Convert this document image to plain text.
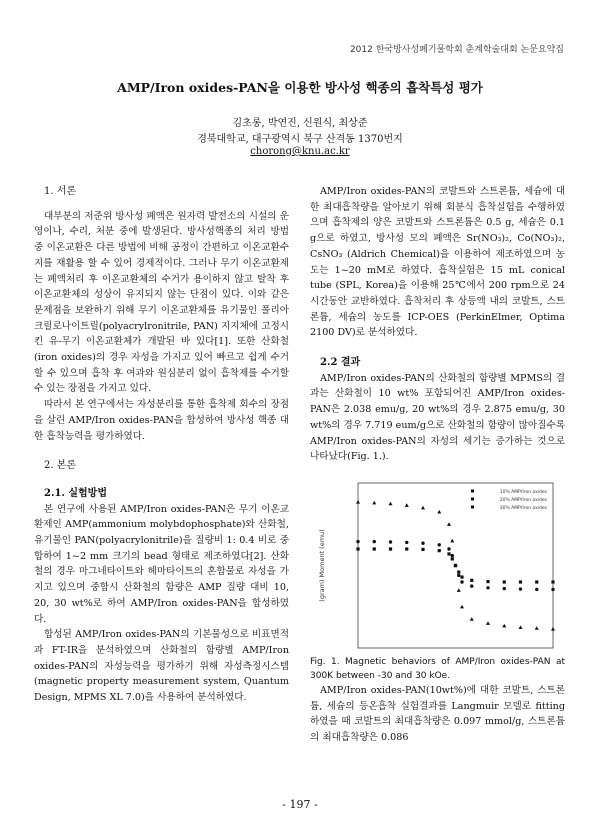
2012 한국방사성폐기물학회 춘계학술대회 논문요약집
AMP/Iron oxides-PAN을 이용한 방사성 핵종의 흡착특성 평가
김초롱, 박연진, 신원식, 최상준
경북대학교, 대구광역시 북구 산격동 1370번지
chorong@knu.ac.kr

1. 서론

대부분의 저준위 방사성 폐액은 원자력 발전소의 시설의 운영이나, 수리, 처분 중에 발생된다. 방사성핵종의 처리 방법 중 이온교환은 다른 방법에 비해 공정이 간편하고 이온교환수지를 재활용 할 수 있어 경제적이다. 그러나 무기 이온교환제는 폐액처리 후 이온교환체의 수거가 용이하지 않고 탈착 후 이온교환체의 성상이 유지되지 않는 단점이 있다. 이와 같은 문제점을 보완하기 위해 무기 이온교환체를 유기물인 폴리아크릴로나이트릴(polyacrylronitrile, PAN) 지지체에 고정시킨 유-무기 이온교환체가 개발된 바 있다[1]. 또한 산화철(iron oxides)의 경우 자성을 가지고 있어 빠르고 쉽게 수거할 수 있으며 흡착 후 여과와 원심분리 없이 흡착제를 수거할 수 있는 장점을 가지고 있다.

따라서 본 연구에서는 자성분리를 통한 흡착제 회수의 장점을 살린 AMP/Iron oxides-PAN을 합성하여 방사성 핵종 대한 흡착능력을 평가하였다.

2. 본론

2.1. 실험방법

본 연구에 사용된 AMP/Iron oxides-PAN은 무기 이온교환제인 AMP(ammonium molybdophosphate)와 산화철, 유기물인 PAN(polyacrylonitrile)을 질량비 1: 0.4 비로 중합하여 1~2 mm 크기의 bead 형태로 제조하였다[2]. 산화철의 경우 마그네타이트와 헤마타이트의 혼합물로 자성을 가지고 있으며 중합시 산화철의 함량은 AMP 질량 대비 10, 20, 30 wt%로 하여 AMP/Iron oxides-PAN을 합성하였다.

합성된 AMP/Iron oxides-PAN의 기본물성으로 비표면적과 FT-IR을 분석하였으며 산화철의 함량별 AMP/Iron oxides-PAN의 자성능력을 평가하기 위해 자성측정시스템(magnetic property measurement system, Quantum Design, MPMS XL 7.0)을 사용하여 분석하였다.

AMP/Iron oxides-PAN의 코발트와 스트론튬, 세슘에 대한 최대흡착량을 알아보기 위해 회분식 흡착실험을 수행하였으며 흡착제의 양은 코발트와 스트론튬은 0.5 g, 세슘은 0.1 g으로 하였고, 방사성 모의 폐액은 Sr(NO₃)₂, Co(NO₃)₂, CsNO₃ (Aldrich Chemical)을 이용하여 제조하였으며 농도는 1~20 mM로 하였다. 흡착실험은 15 mL conical tube (SPL, Korea)을 이용해 25℃에서 200 rpm으로 24시간동안 교반하였다. 흡착처리 후 상등액 내의 코발트, 스트론튬, 세슘의 농도를 ICP-OES (PerkinElmer, Optima 2100 DV)로 분석하였다.

2.2 결과

AMP/Iron oxides-PAN의 산화철의 함량별 MPMS의 결과는 산화철이 10 wt% 포함되어진 AMP/Iron oxides-PAN은 2.038 emu/g, 20 wt%의 경우 2.875 emu/g, 30 wt%의 경우 7.719 eum/g으로 산화철의 함량이 많아질수록 AMP/Iron oxides-PAN의 자성의 세기는 증가하는 것으로 나타났다(Fig. 1.).

(gram) Moment (emu)
10% AMP/Iron oxides
20% AMP/Iron oxides
30% AMP/Iron oxides

Fig. 1. Magnetic behaviors of AMP/Iron oxides-PAN at 300K between -30 and 30 kOe.

AMP/Iron oxides-PAN(10wt%)에 대한 코발트, 스트론튬, 세슘의 등온흡착 실험결과를 Langmuir 모델로 fitting 하였을 때 코발트의 최대흡착량은 0.097 mmol/g, 스트론튬의 최대흡착량은 0.086

- 197 -
